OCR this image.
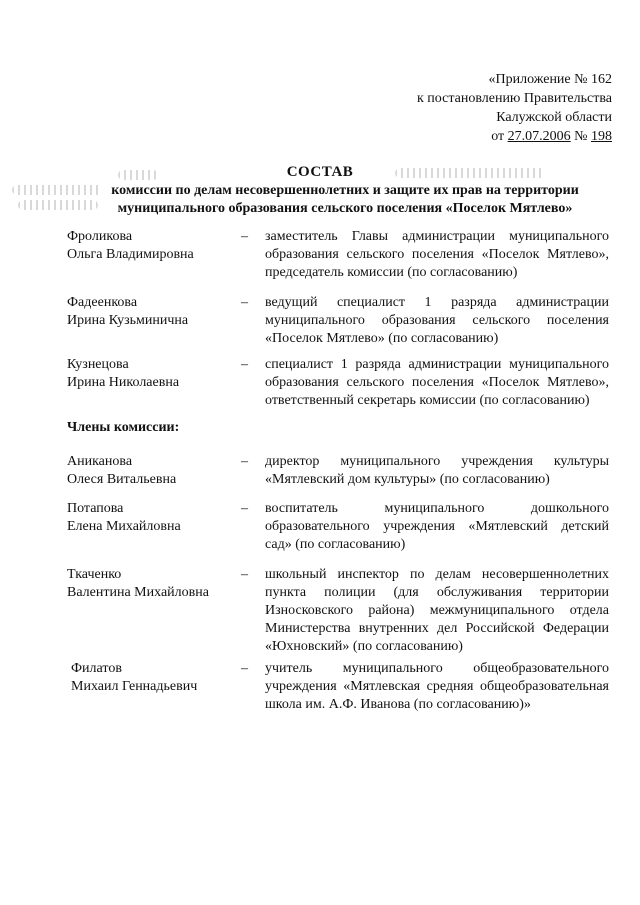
«Приложение № 162
к постановлению Правительства
Калужской области
от 27.07.2006 № 198
СОСТАВ
комиссии по делам несовершеннолетних и защите их прав на территории
муниципального образования сельского поселения «Поселок Мятлево»
Фроликова
Ольга Владимировна
– заместитель Главы администрации муниципального образования сельского поселения «Поселок Мятлево», председатель комиссии (по согласованию)
Фадеенкова
Ирина Кузьминична
– ведущий специалист 1 разряда администрации муниципального образования сельского поселения «Поселок Мятлево» (по согласованию)
Кузнецова
Ирина Николаевна
– специалист 1 разряда администрации муниципального образования сельского поселения «Поселок Мятлево», ответственный секретарь комиссии (по согласованию)
Члены комиссии:
Аниканова
Олеся Витальевна
– директор муниципального учреждения культуры «Мятлевский дом культуры» (по согласованию)
Потапова
Елена Михайловна
– воспитатель муниципального дошкольного образовательного учреждения «Мятлевский детский сад» (по согласованию)
Ткаченко
Валентина Михайловна
– школьный инспектор по делам несовершеннолетних пункта полиции (для обслуживания территории Износковского района) межмуниципального отдела Министерства внутренних дел Российской Федерации «Юхновский» (по согласованию)
Филатов
Михаил Геннадьевич
– учитель муниципального общеобразовательного учреждения «Мятлевская средняя общеобразовательная школа им. А.Ф. Иванова (по согласованию)»
